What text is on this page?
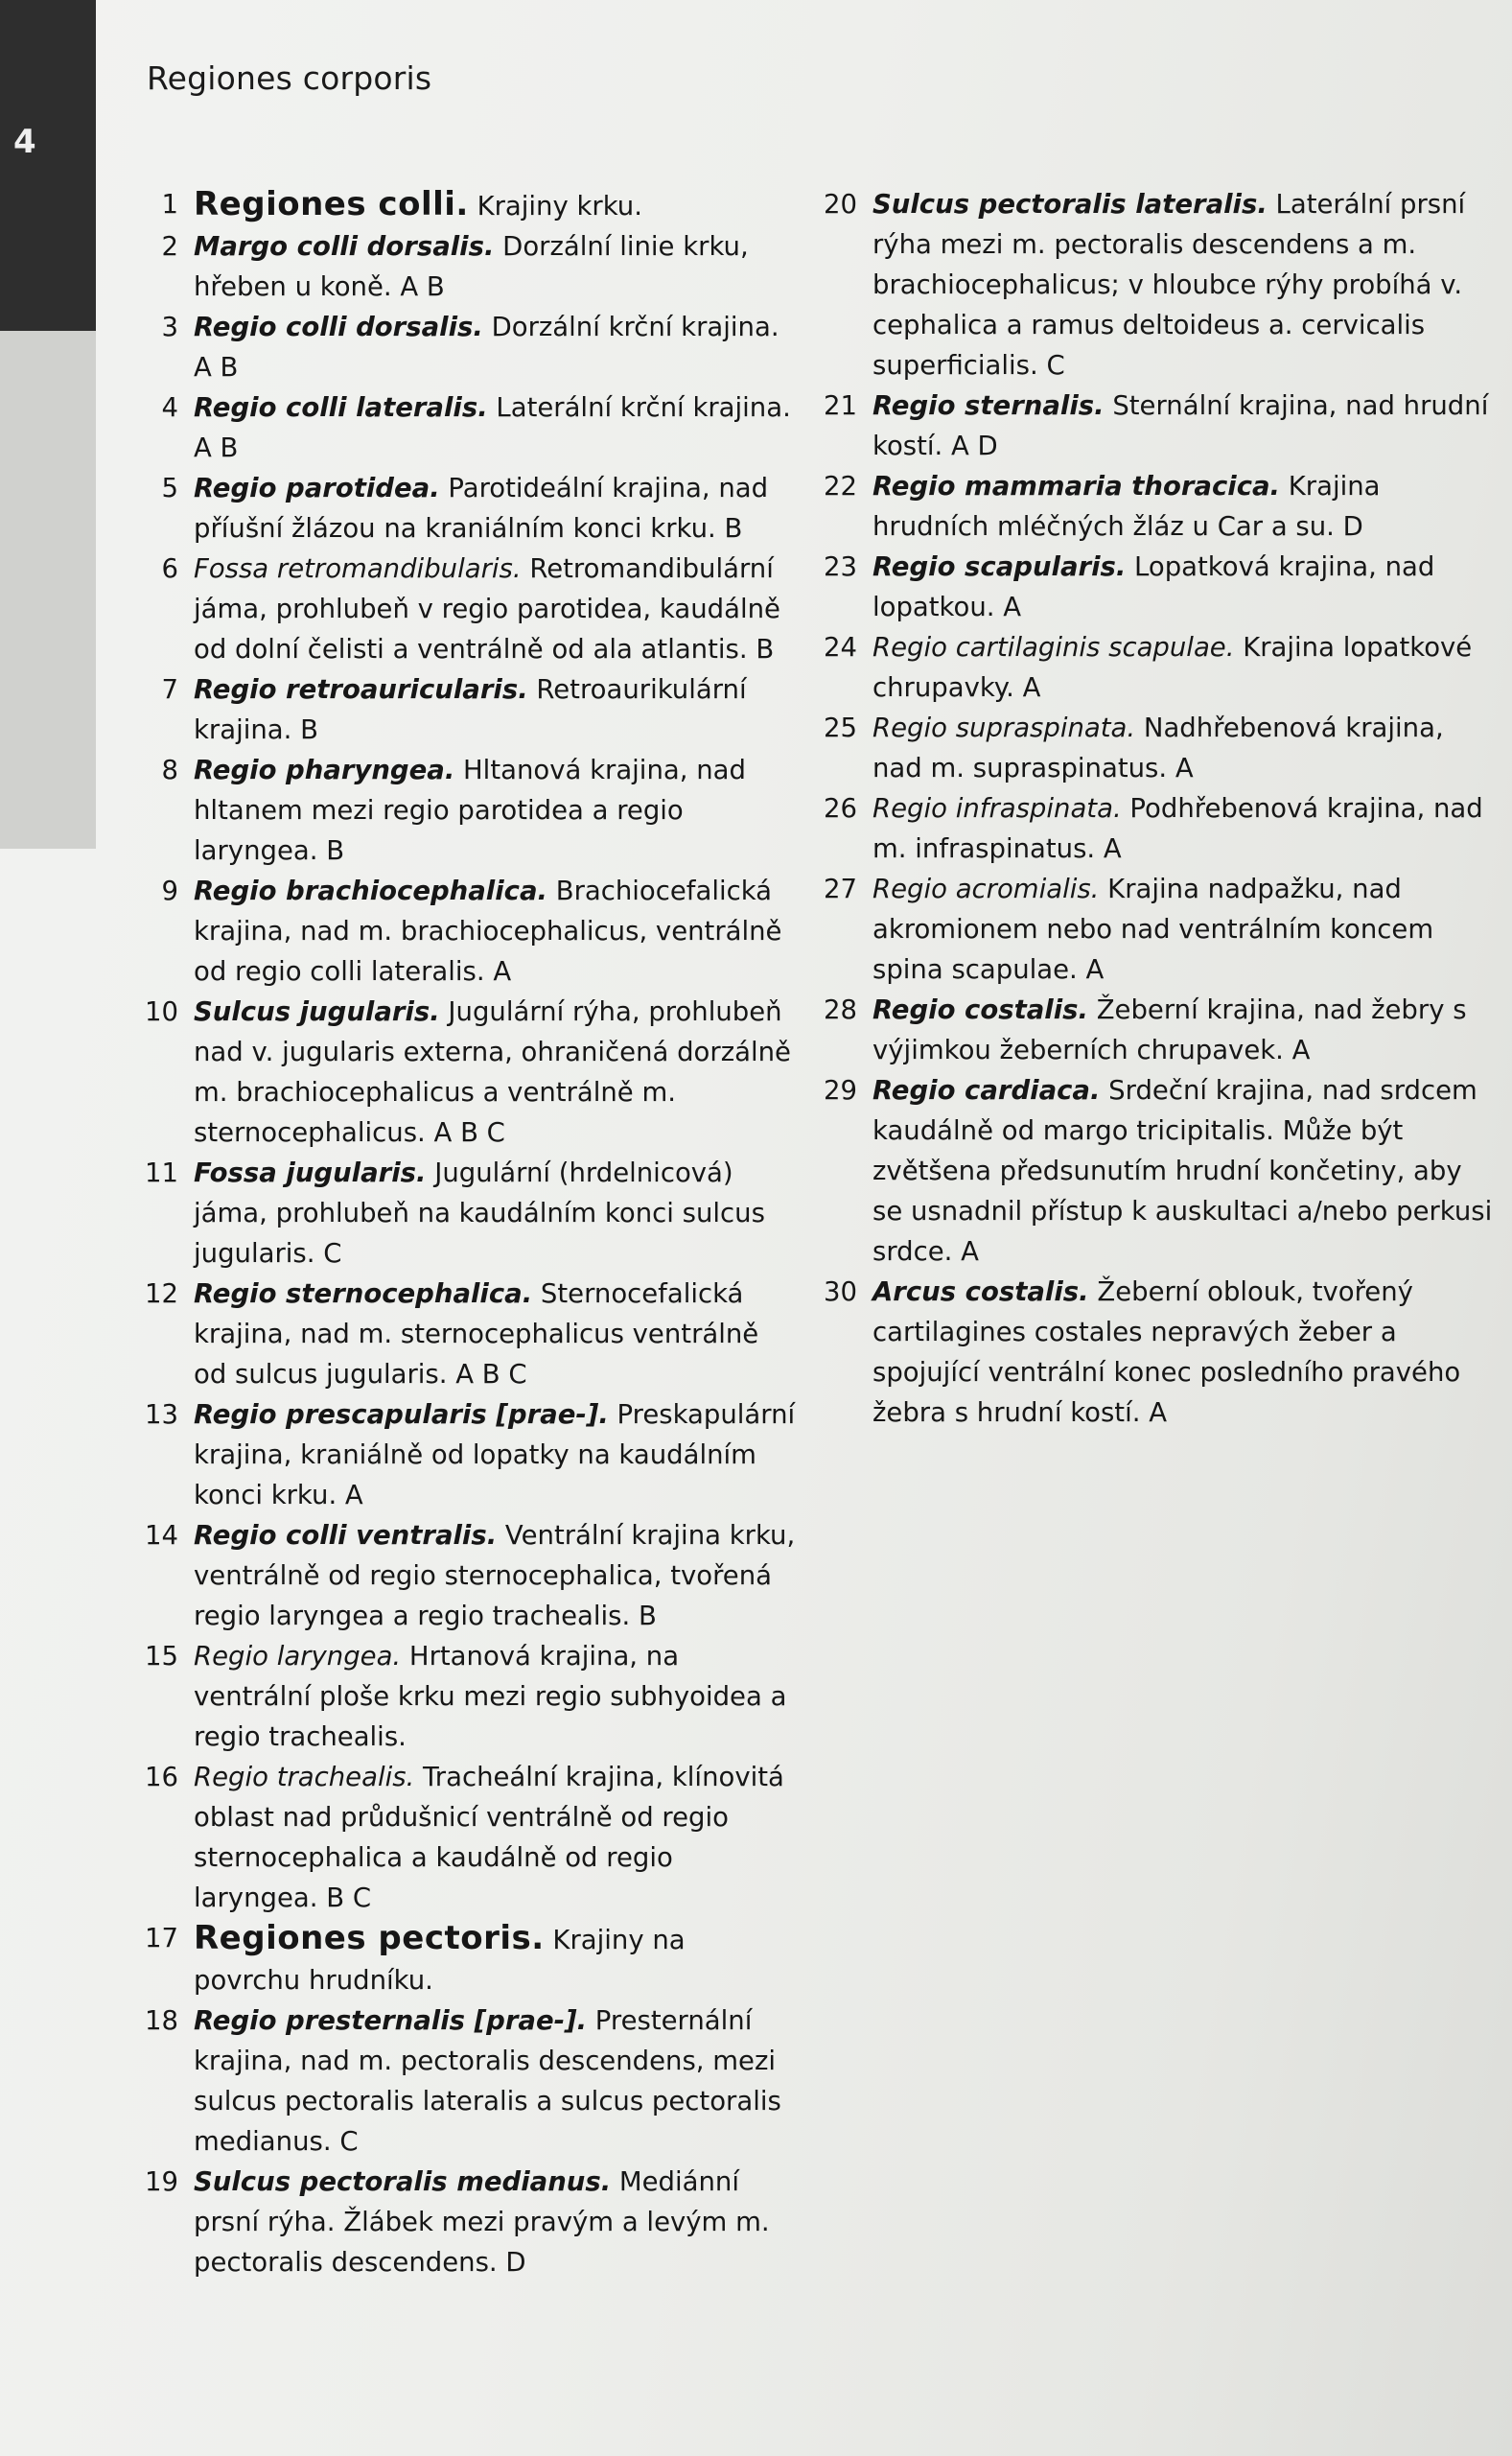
4
Regiones corporis
1 Regiones colli. Krajiny krku.
2 Margo colli dorsalis. Dorzální linie krku, hřeben u koně. A B
3 Regio colli dorsalis. Dorzální krční krajina. A B
4 Regio colli lateralis. Laterální krční krajina. A B
5 Regio parotidea. Parotideální krajina, nad příušní žlázou na kraniálním konci krku. B
6 Fossa retromandibularis. Retromandibulární jáma, prohlubeň v regio parotidea, kaudálně od dolní čelisti a ventrálně od ala atlantis. B
7 Regio retroauricularis. Retroaurikulární krajina. B
8 Regio pharyngea. Hltanová krajina, nad hltanem mezi regio parotidea a regio laryngea. B
9 Regio brachiocephalica. Brachiocefalická krajina, nad m. brachiocephalicus, ventrálně od regio colli lateralis. A
10 Sulcus jugularis. Jugulární rýha, prohlubeň nad v. jugularis externa, ohraničená dorzálně m. brachiocephalicus a ventrálně m. sternocephalicus. A B C
11 Fossa jugularis. Jugulární (hrdelnicová) jáma, prohlubeň na kaudálním konci sulcus jugularis. C
12 Regio sternocephalica. Sternocefalická krajina, nad m. sternocephalicus ventrálně od sulcus jugularis. A B C
13 Regio prescapularis [prae-]. Preskapulární krajina, kraniálně od lopatky na kaudálním konci krku. A
14 Regio colli ventralis. Ventrální krajina krku, ventrálně od regio sternocephalica, tvořená regio laryngea a regio trachealis. B
15 Regio laryngea. Hrtanová krajina, na ventrální ploše krku mezi regio subhyoidea a regio trachealis.
16 Regio trachealis. Tracheální krajina, klínovitá oblast nad průdušnicí ventrálně od regio sternocephalica a kaudálně od regio laryngea. B C
17 Regiones pectoris. Krajiny na povrchu hrudníku.
18 Regio presternalis [prae-]. Presternální krajina, nad m. pectoralis descendens, mezi sulcus pectoralis lateralis a sulcus pectoralis medianus. C
19 Sulcus pectoralis medianus. Mediánní prsní rýha. Žlábek mezi pravým a levým m. pectoralis descendens. D
20 Sulcus pectoralis lateralis. Laterální prsní rýha mezi m. pectoralis descendens a m. brachiocephalicus; v hloubce rýhy probíhá v. cephalica a ramus deltoideus a. cervicalis superficialis. C
21 Regio sternalis. Sternální krajina, nad hrudní kostí. A D
22 Regio mammaria thoracica. Krajina hrudních mléčných žláz u Car a su. D
23 Regio scapularis. Lopatková krajina, nad lopatkou. A
24 Regio cartilaginis scapulae. Krajina lopatkové chrupavky. A
25 Regio supraspinata. Nadhřebenová krajina, nad m. supraspinatus. A
26 Regio infraspinata. Podhřebenová krajina, nad m. infraspinatus. A
27 Regio acromialis. Krajina nadpažku, nad akromionem nebo nad ventrálním koncem spina scapulae. A
28 Regio costalis. Žeberní krajina, nad žebry s výjimkou žeberních chrupavek. A
29 Regio cardiaca. Srdeční krajina, nad srdcem kaudálně od margo tricipitalis. Může být zvětšena předsunutím hrudní končetiny, aby se usnadnil přístup k auskultaci a/nebo perkusi srdce. A
30 Arcus costalis. Žeberní oblouk, tvořený cartilagines costales nepravých žeber a spojující ventrální konec posledního pravého žebra s hrudní kostí. A
